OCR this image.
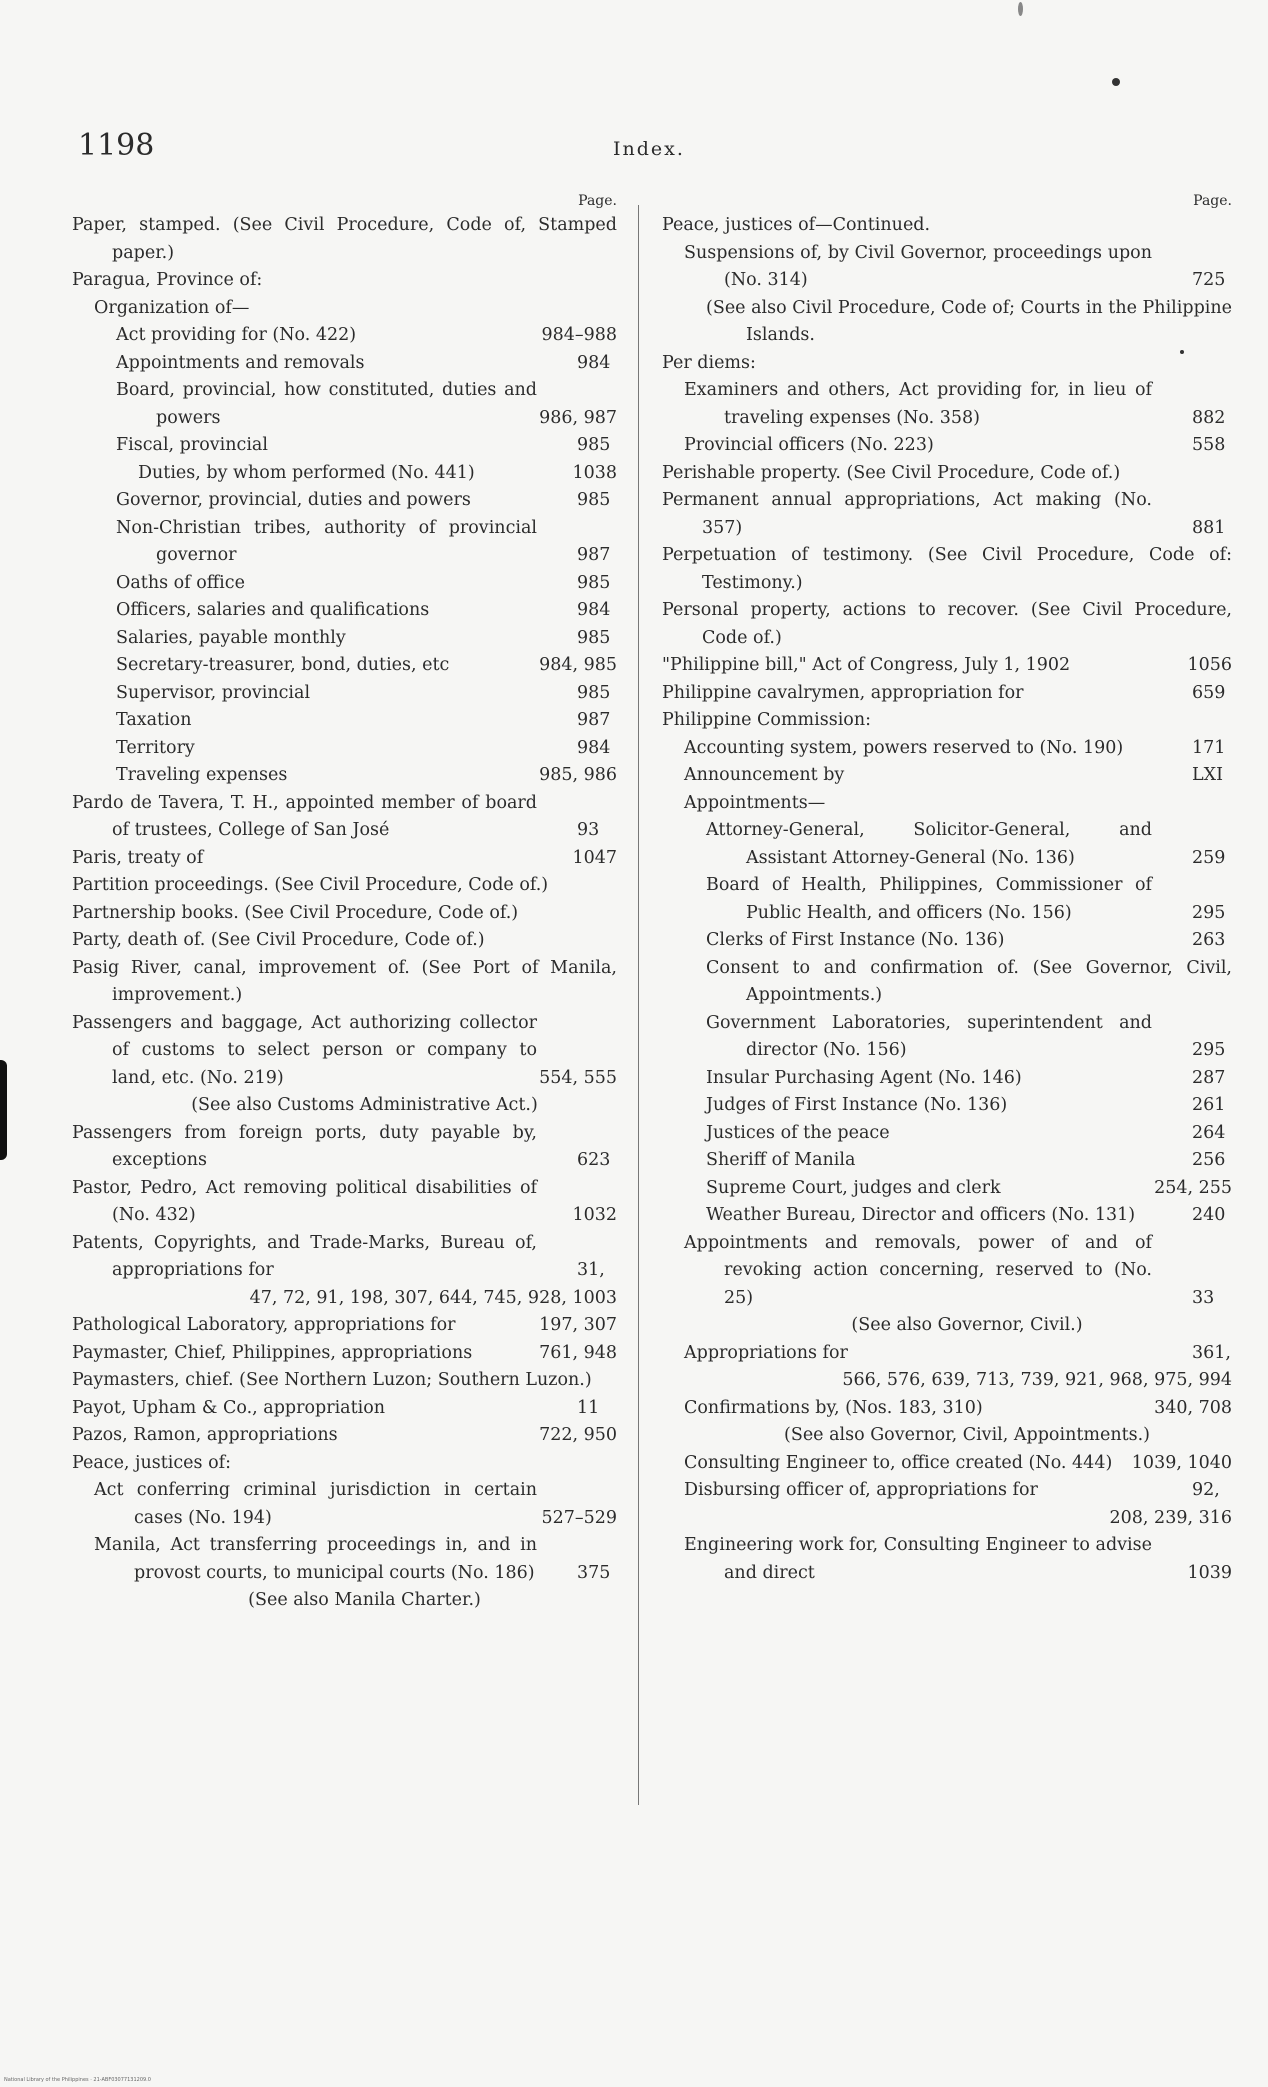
1198	Index.
Page.
Paper, stamped. (See Civil Procedure, Code of, Stamped paper.)
Paragua, Province of:
Organization of—
Act providing for (No. 422)	984–988
Appointments and removals	984
Board, provincial, how constituted, duties and powers	986, 987
Fiscal, provincial	985
Duties, by whom performed (No. 441)	1038
Governor, provincial, duties and powers	985
Non-Christian tribes, authority of provincial governor	987
Oaths of office	985
Officers, salaries and qualifications	984
Salaries, payable monthly	985
Secretary-treasurer, bond, duties, etc	984, 985
Supervisor, provincial	985
Taxation	987
Territory	984
Traveling expenses	985, 986
Pardo de Tavera, T. H., appointed member of board of trustees, College of San José	93
Paris, treaty of	1047
Partition proceedings. (See Civil Procedure, Code of.)
Partnership books. (See Civil Procedure, Code of.)
Party, death of. (See Civil Procedure, Code of.)
Pasig River, canal, improvement of. (See Port of Manila, improvement.)
Passengers and baggage, Act authorizing collector of customs to select person or company to land, etc. (No. 219)	554, 555
(See also Customs Administrative Act.)
Passengers from foreign ports, duty payable by, exceptions	623
Pastor, Pedro, Act removing political disabilities of (No. 432)	1032
Patents, Copyrights, and Trade-Marks, Bureau of, appropriations for	31,
47, 72, 91, 198, 307, 644, 745, 928, 1003
Pathological Laboratory, appropriations for	197, 307
Paymaster, Chief, Philippines, appropriations	761, 948
Paymasters, chief. (See Northern Luzon; Southern Luzon.)
Payot, Upham & Co., appropriation	11
Pazos, Ramon, appropriations	722, 950
Peace, justices of:
Act conferring criminal jurisdiction in certain cases (No. 194)	527–529
Manila, Act transferring proceedings in, and in provost courts, to municipal courts (No. 186) 375
(See also Manila Charter.)
Page.
Peace, justices of—Continued.
Suspensions of, by Civil Governor, proceedings upon (No. 314)	725
(See also Civil Procedure, Code of; Courts in the Philippine Islands.
Per diems:
Examiners and others, Act providing for, in lieu of traveling expenses (No. 358)	882
Provincial officers (No. 223)	558
Perishable property. (See Civil Procedure, Code of.)
Permanent annual appropriations, Act making (No. 357)	881
Perpetuation of testimony. (See Civil Procedure, Code of: Testimony.)
Personal property, actions to recover. (See Civil Procedure, Code of.)
"Philippine bill," Act of Congress, July 1, 1902	1056
Philippine cavalrymen, appropriation for	659
Philippine Commission:
Accounting system, powers reserved to (No. 190)	171
Announcement by	LXI
Appointments—
Attorney-General, Solicitor-General, and Assistant Attorney-General (No. 136)	259
Board of Health, Philippines, Commissioner of Public Health, and officers (No. 156)	295
Clerks of First Instance (No. 136)	263
Consent to and confirmation of. (See Governor, Civil, Appointments.)
Government Laboratories, superintendent and director (No. 156)	295
Insular Purchasing Agent (No. 146)	287
Judges of First Instance (No. 136)	261
Justices of the peace	264
Sheriff of Manila	256
Supreme Court, judges and clerk	254, 255
Weather Bureau, Director and officers (No. 131)	240
Appointments and removals, power of and of revoking action concerning, reserved to (No. 25)	33
(See also Governor, Civil.)
Appropriations for	361,
566, 576, 639, 713, 739, 921, 968, 975, 994
Confirmations by, (Nos. 183, 310)	340, 708
(See also Governor, Civil, Appointments.)
Consulting Engineer to, office created (No. 444) 1039, 1040
Disbursing officer of, appropriations for	92,
208, 239, 316
Engineering work for, Consulting Engineer to advise and direct	1039
National Library of the Philippines · 21-ABF03077131209.0
